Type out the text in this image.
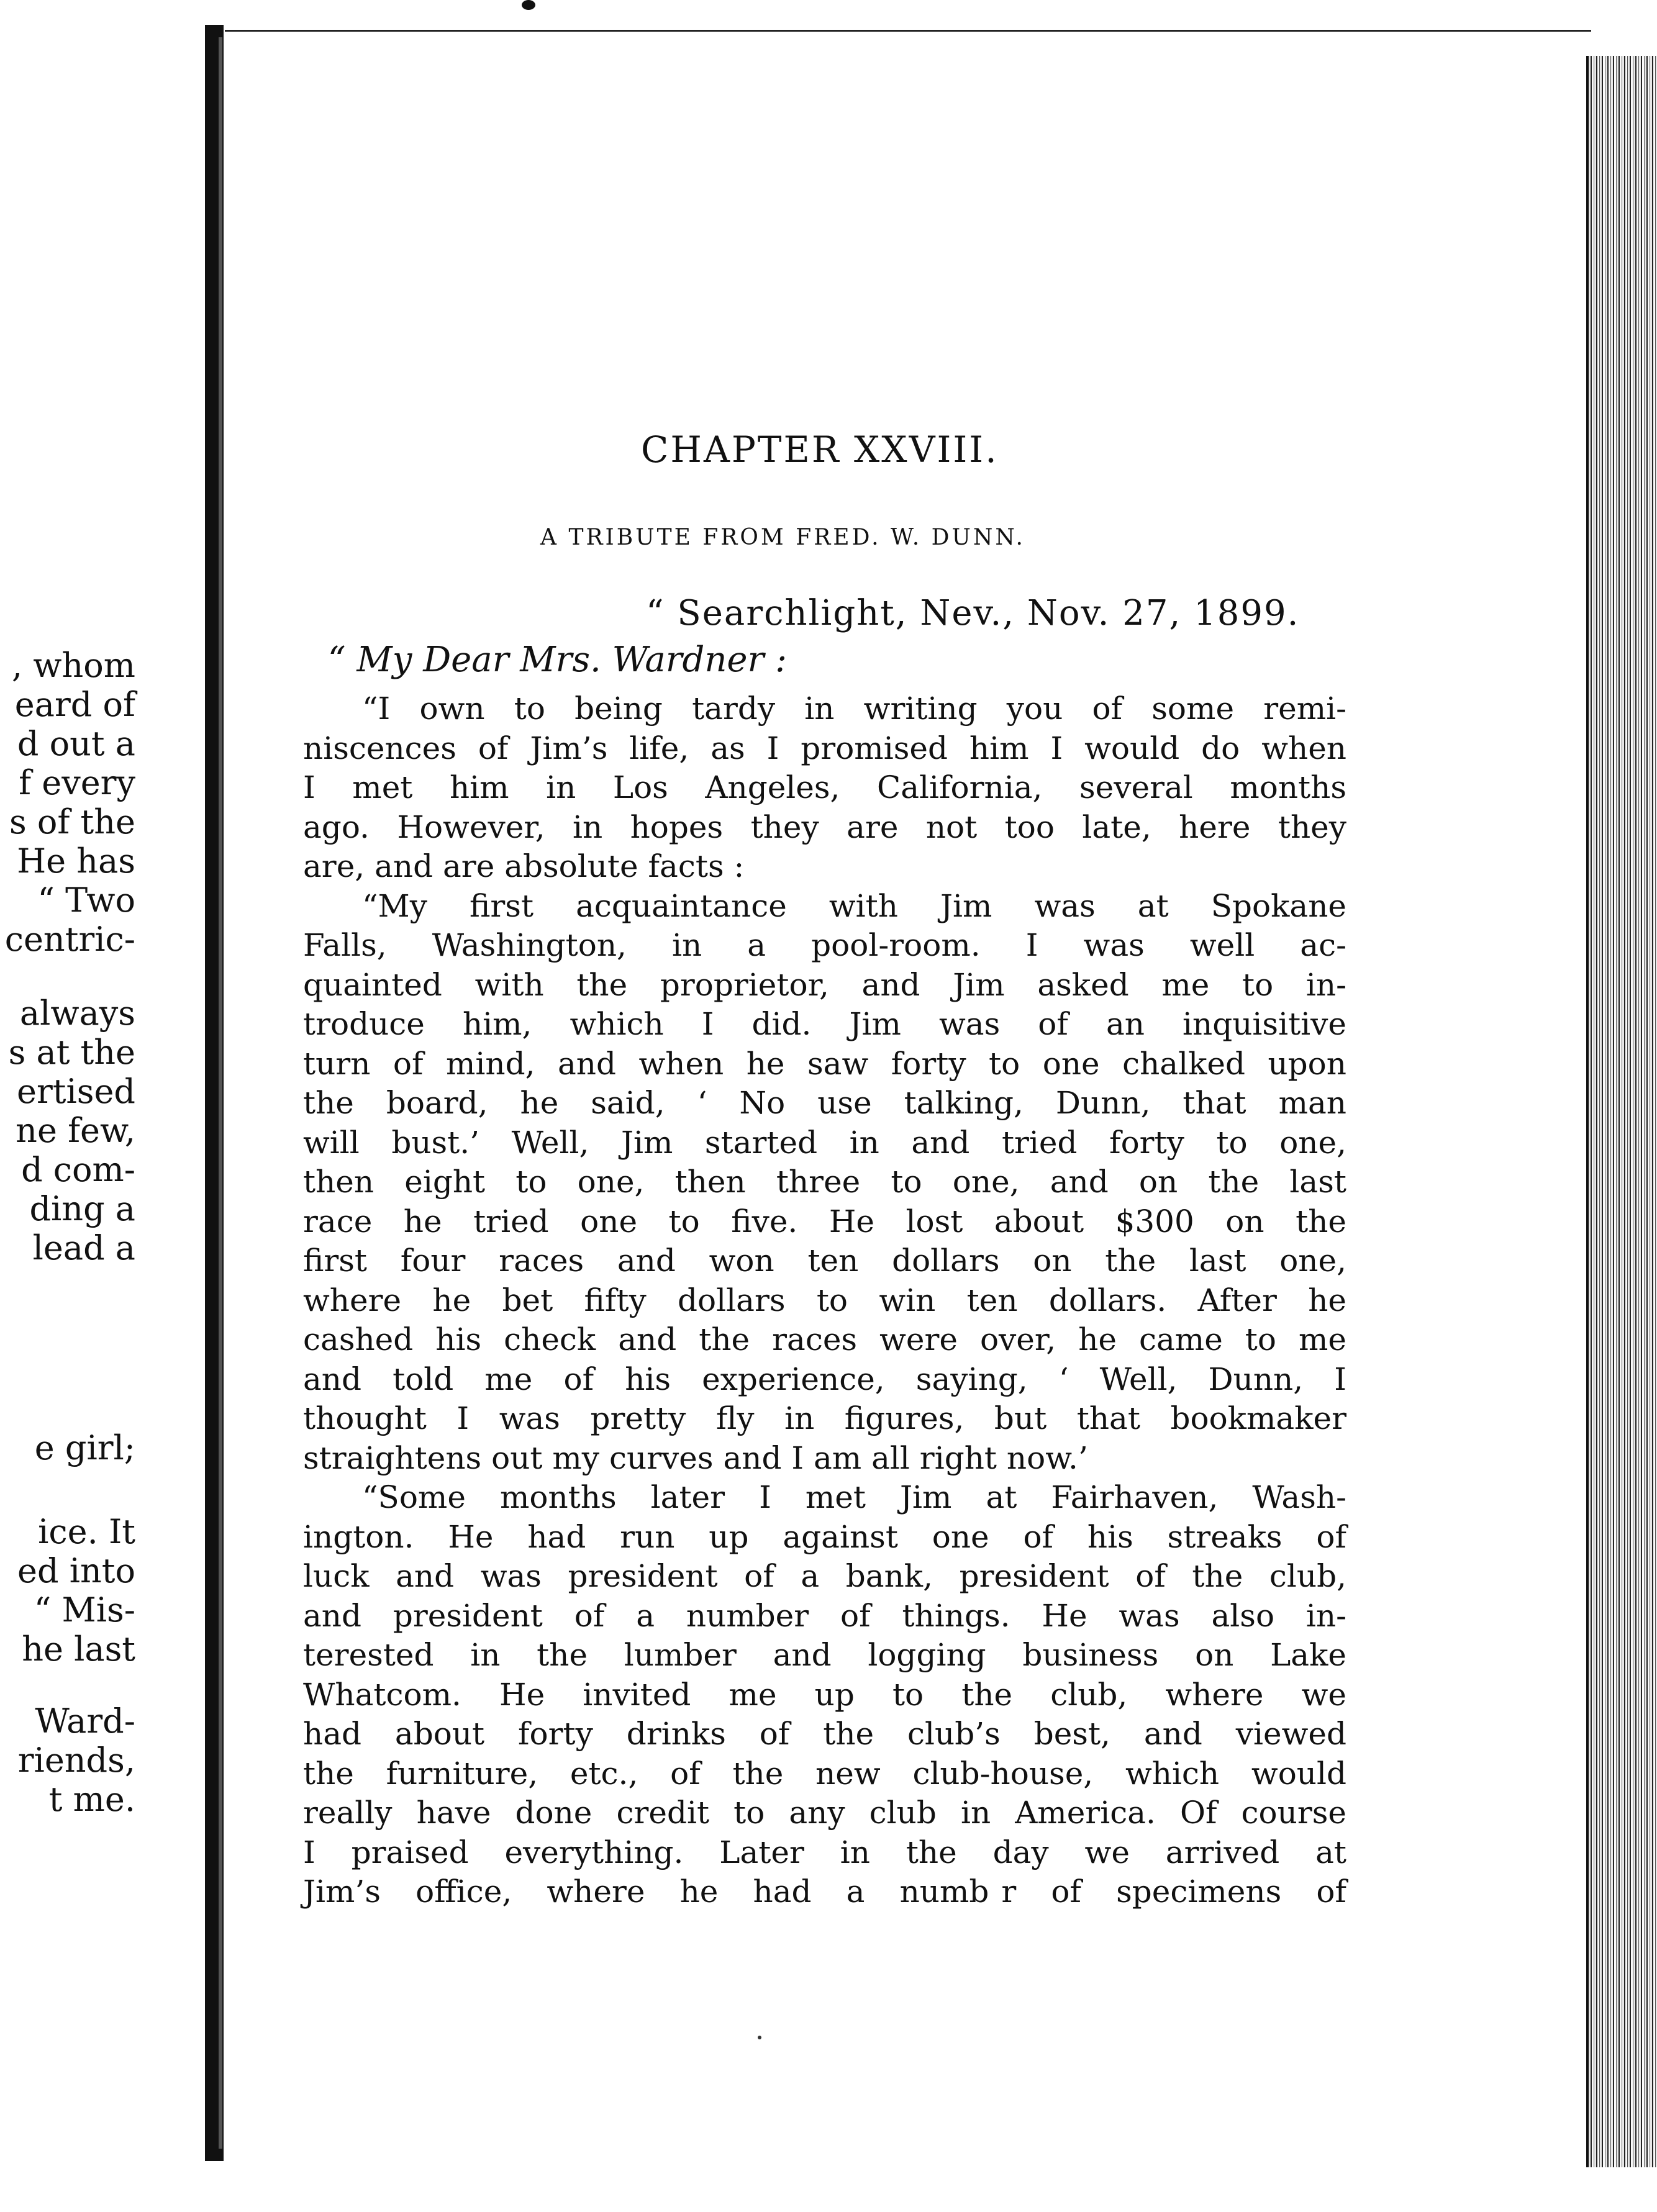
, whom
eard of
d out a
f every
s of the
He has
“ Two
centric-
always
s at the
ertised
ne few,
d com-
ding a
lead a
e girl;
ice. It
ed into
“ Mis-
he last
Ward-
riends,
t me.
CHAPTER XXVIII.
A TRIBUTE FROM FRED. W. DUNN.
“ Searchlight, Nev., Nov. 27, 1899.
“ My Dear Mrs. Wardner :
“I own to being tardy in writing you of some remi-
niscences of Jim’s life, as I promised him I would do when
I met him in Los Angeles, California, several months
ago. However, in hopes they are not too late, here they
are, and are absolute facts :
“My first acquaintance with Jim was at Spokane
Falls, Washington, in a pool-room. I was well ac-
quainted with the proprietor, and Jim asked me to in-
troduce him, which I did. Jim was of an inquisitive
turn of mind, and when he saw forty to one chalked upon
the board, he said, ‘ No use talking, Dunn, that man
will bust.’ Well, Jim started in and tried forty to one,
then eight to one, then three to one, and on the last
race he tried one to five. He lost about $300 on the
first four races and won ten dollars on the last one,
where he bet fifty dollars to win ten dollars. After he
cashed his check and the races were over, he came to me
and told me of his experience, saying, ‘ Well, Dunn, I
thought I was pretty fly in figures, but that bookmaker
straightens out my curves and I am all right now.’
“Some months later I met Jim at Fairhaven, Wash-
ington. He had run up against one of his streaks of
luck and was president of a bank, president of the club,
and president of a number of things. He was also in-
terested in the lumber and logging business on Lake
Whatcom. He invited me up to the club, where we
had about forty drinks of the club’s best, and viewed
the furniture, etc., of the new club-house, which would
really have done credit to any club in America. Of course
I praised everything. Later in the day we arrived at
Jim’s office, where he had a numb  r of specimens of
